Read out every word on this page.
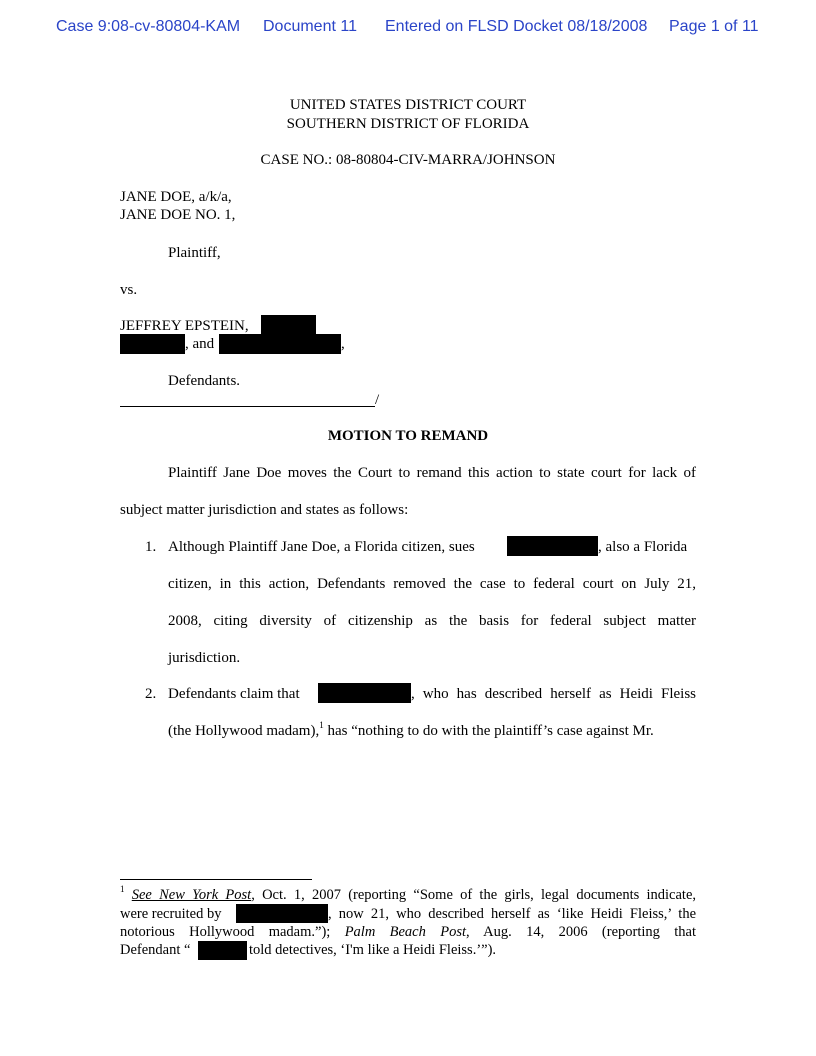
Case 9:08-cv-80804-KAM Document 11 Entered on FLSD Docket 08/18/2008 Page 1 of 11
UNITED STATES DISTRICT COURT
SOUTHERN DISTRICT OF FLORIDA
CASE NO.: 08-80804-CIV-MARRA/JOHNSON
JANE DOE, a/k/a,
JANE DOE NO. 1,
Plaintiff,
vs.
JEFFREY EPSTEIN,
, and	,
Defendants.
/
MOTION TO REMAND
Plaintiff Jane Doe moves the Court to remand this action to state court for lack of
subject matter jurisdiction and states as follows:
1. Although Plaintiff Jane Doe, a Florida citizen, sues	, also a Florida
citizen, in this action, Defendants removed the case to federal court on July 21,
2008, citing diversity of citizenship as the basis for federal subject matter
jurisdiction.
2. Defendants claim that	, who has described herself as Heidi Fleiss
(the Hollywood madam),$^1$ has “nothing to do with the plaintiff’s case against Mr.
$^1$ See New York Post, Oct. 1, 2007 (reporting “Some of the girls, legal documents indicate,
were recruited by	, now 21, who described herself as ‘like Heidi Fleiss,’ the
notorious Hollywood madam.”); Palm Beach Post, Aug. 14, 2006 (reporting that
Defendant “	told detectives, ‘I'm like a Heidi Fleiss.’”).
